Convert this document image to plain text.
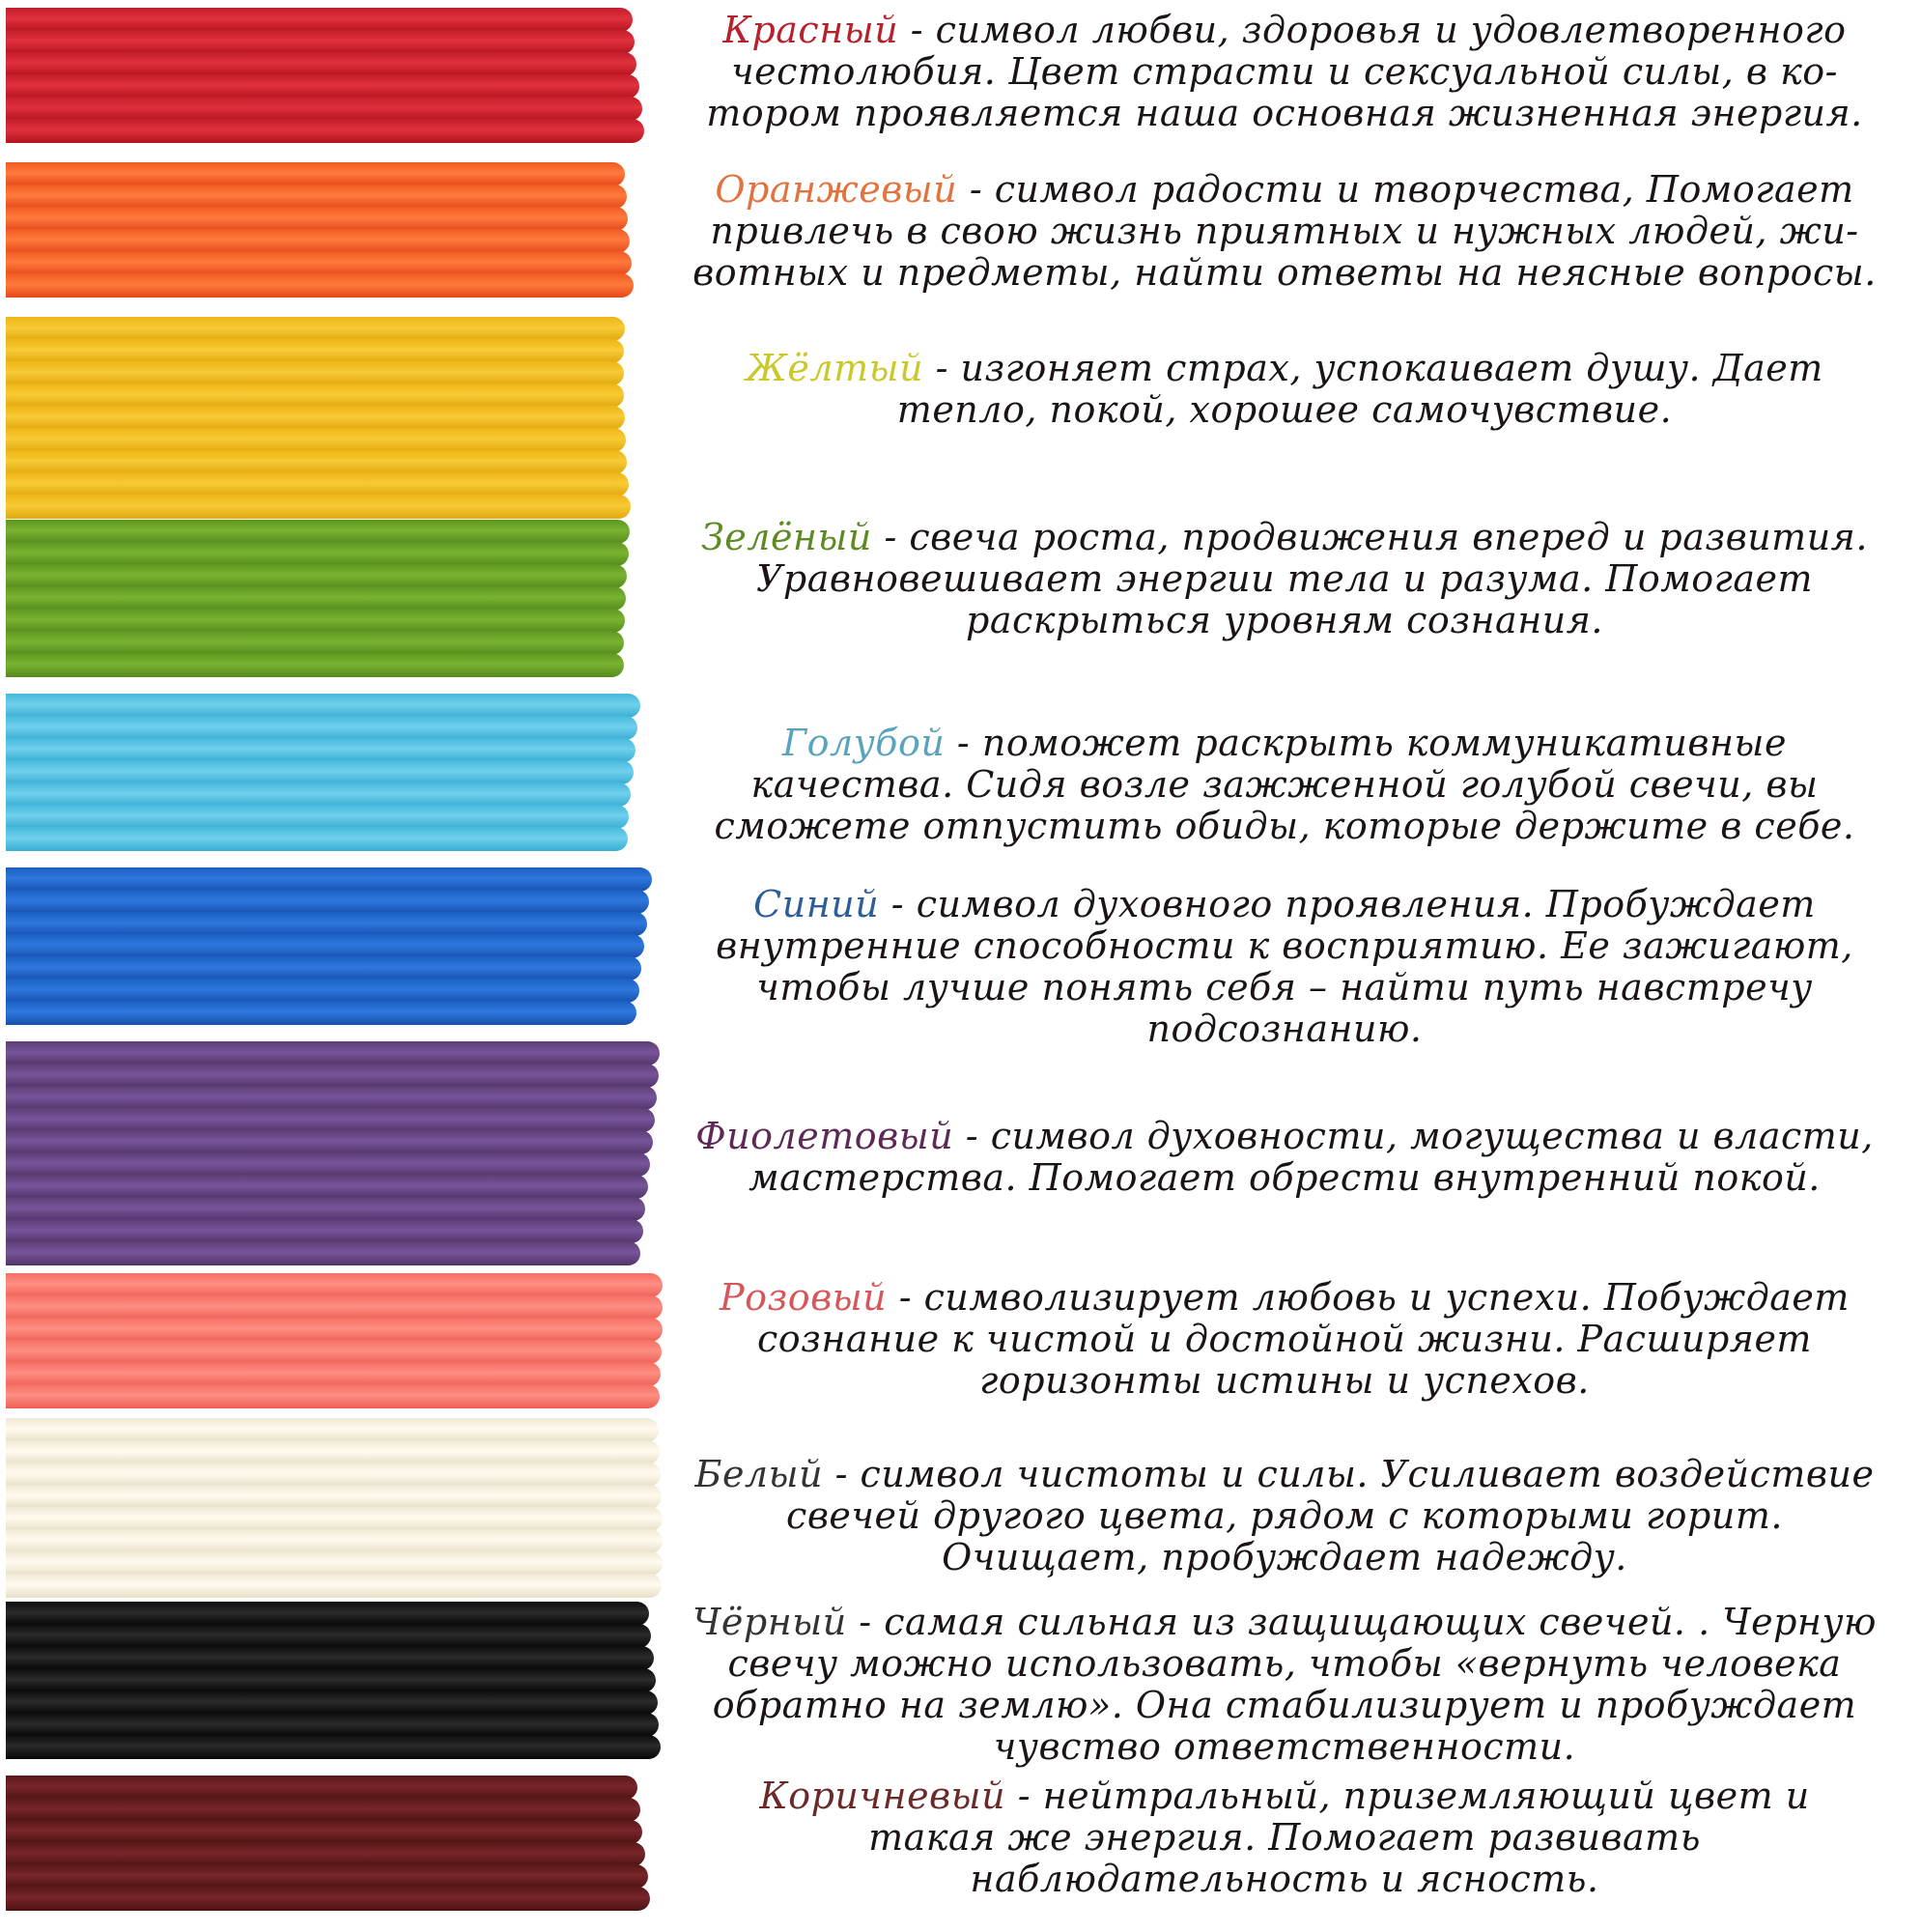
Красный - символ любви, здоровья и удовлетворенного
честолюбия. Цвет страсти и сексуальной силы, в ко-
тором проявляется наша основная жизненная энергия.
Оранжевый - символ радости и творчества, Помогает
привлечь в свою жизнь приятных и нужных людей, жи-
вотных и предметы, найти ответы на неясные вопросы.
Жёлтый - изгоняет страх, успокаивает душу. Дает
тепло, покой, хорошее самочувствие.
Зелёный - свеча роста, продвижения вперед и развития.
Уравновешивает энергии тела и разума. Помогает
раскрыться уровням сознания.
Голубой - поможет раскрыть коммуникативные
качества. Сидя возле зажженной голубой свечи, вы
сможете отпустить обиды, которые держите в себе.
Синий - символ духовного проявления. Пробуждает
внутренние способности к восприятию. Ее зажигают,
чтобы лучше понять себя – найти путь навстречу
подсознанию.
Фиолетовый - символ духовности, могущества и власти,
мастерства. Помогает обрести внутренний покой.
Розовый - символизирует любовь и успехи. Побуждает
сознание к чистой и достойной жизни. Расширяет
горизонты истины и успехов.
Белый - символ чистоты и силы. Усиливает воздействие
свечей другого цвета, рядом с которыми горит.
Очищает, пробуждает надежду.
Чёрный - самая сильная из защищающих свечей. . Черную
свечу можно использовать, чтобы «вернуть человека
обратно на землю». Она стабилизирует и пробуждает
чувство ответственности.
Коричневый - нейтральный, приземляющий цвет и
такая же энергия. Помогает развивать
наблюдательность и ясность.
